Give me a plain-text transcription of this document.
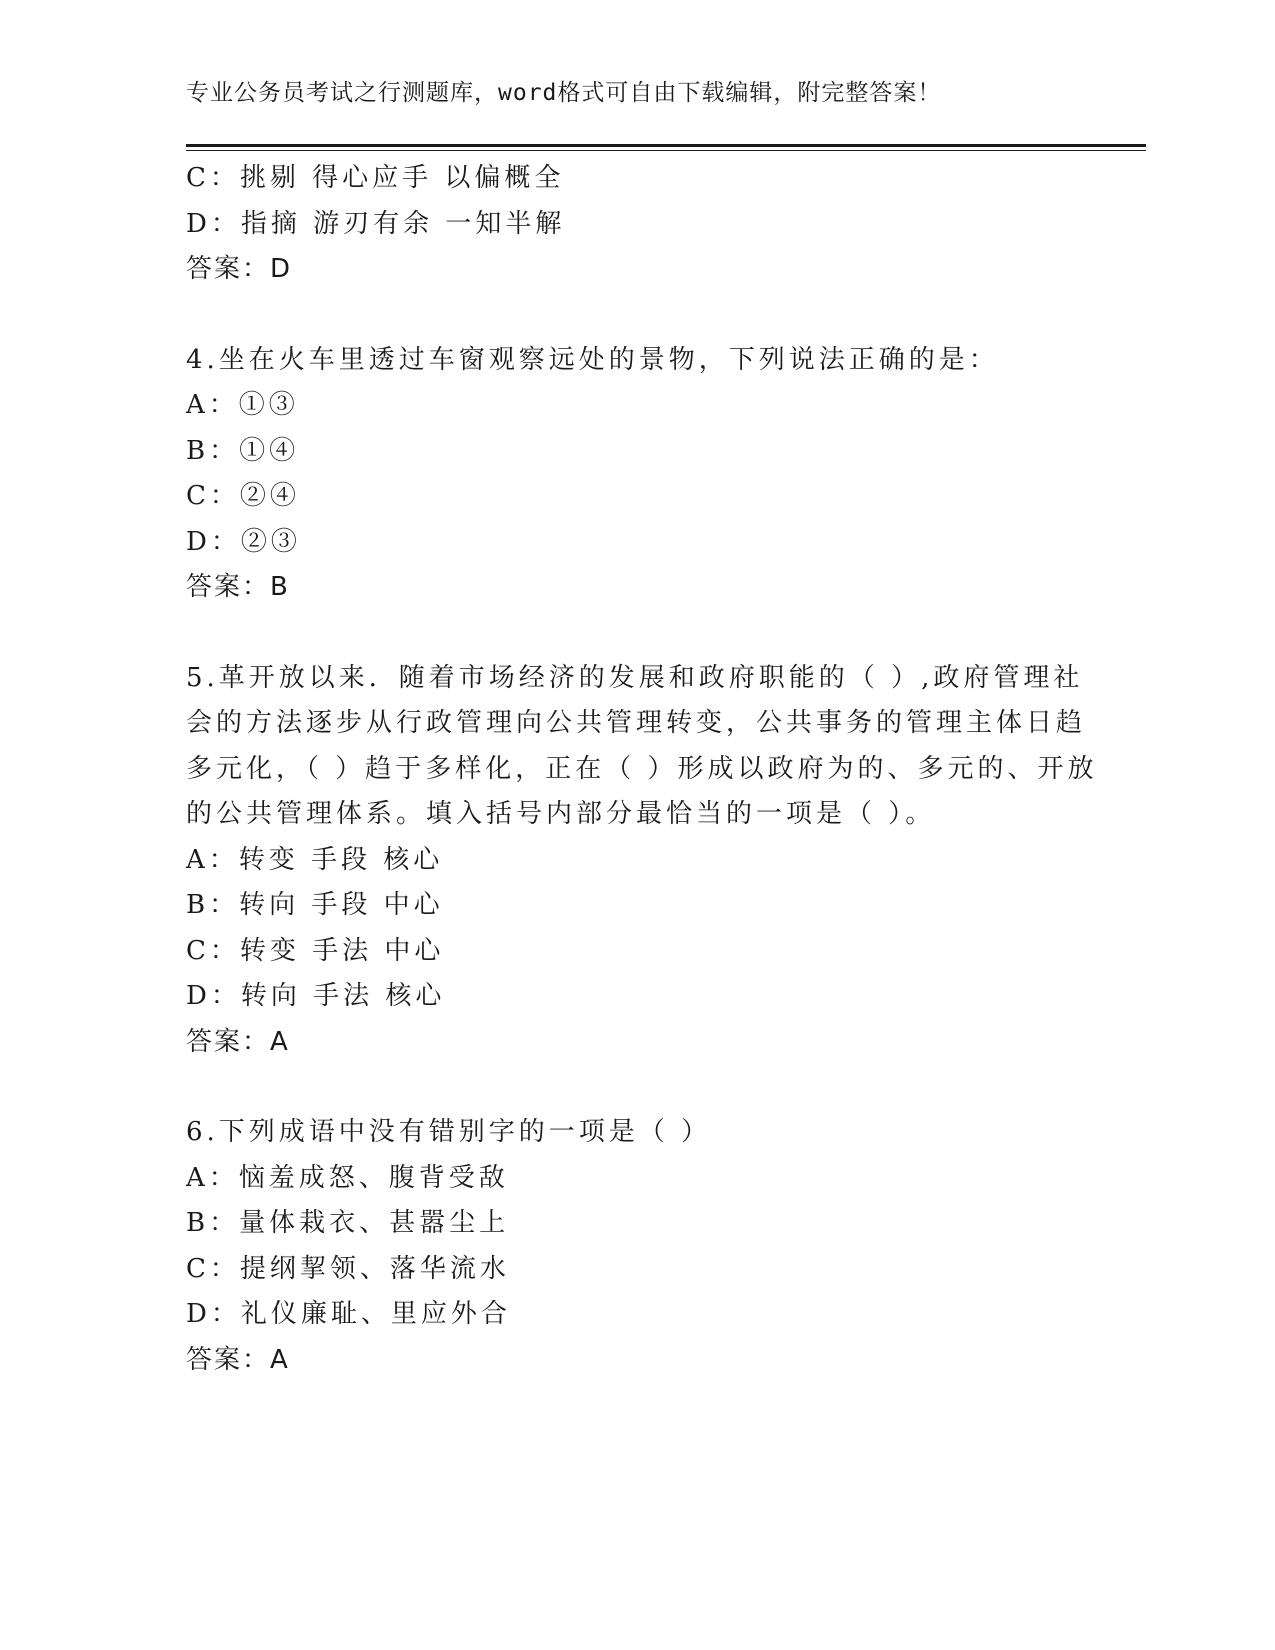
专业公务员考试之行测题库，word格式可自由下载编辑，附完整答案！
C：挑剔 得心应手 以偏概全
D：指摘 游刃有余 一知半解
答案：D
4.坐在火车里透过车窗观察远处的景物，下列说法正确的是：
A：①③
B：①④
C：②④
D：②③
答案：B
5.革开放以来．随着市场经济的发展和政府职能的（ ）,政府管理社
会的方法逐步从行政管理向公共管理转变，公共事务的管理主体日趋
多元化，（ ）趋于多样化，正在（ ）形成以政府为的、多元的、开放
的公共管理体系。填入括号内部分最恰当的一项是（ ）。
A：转变 手段 核心
B：转向 手段 中心
C：转变 手法 中心
D：转向 手法 核心
答案：A
6.下列成语中没有错别字的一项是（ ）
A：恼羞成怒、腹背受敌
B：量体栽衣、甚嚣尘上
C：提纲挈领、落华流水
D：礼仪廉耻、里应外合
答案：A
